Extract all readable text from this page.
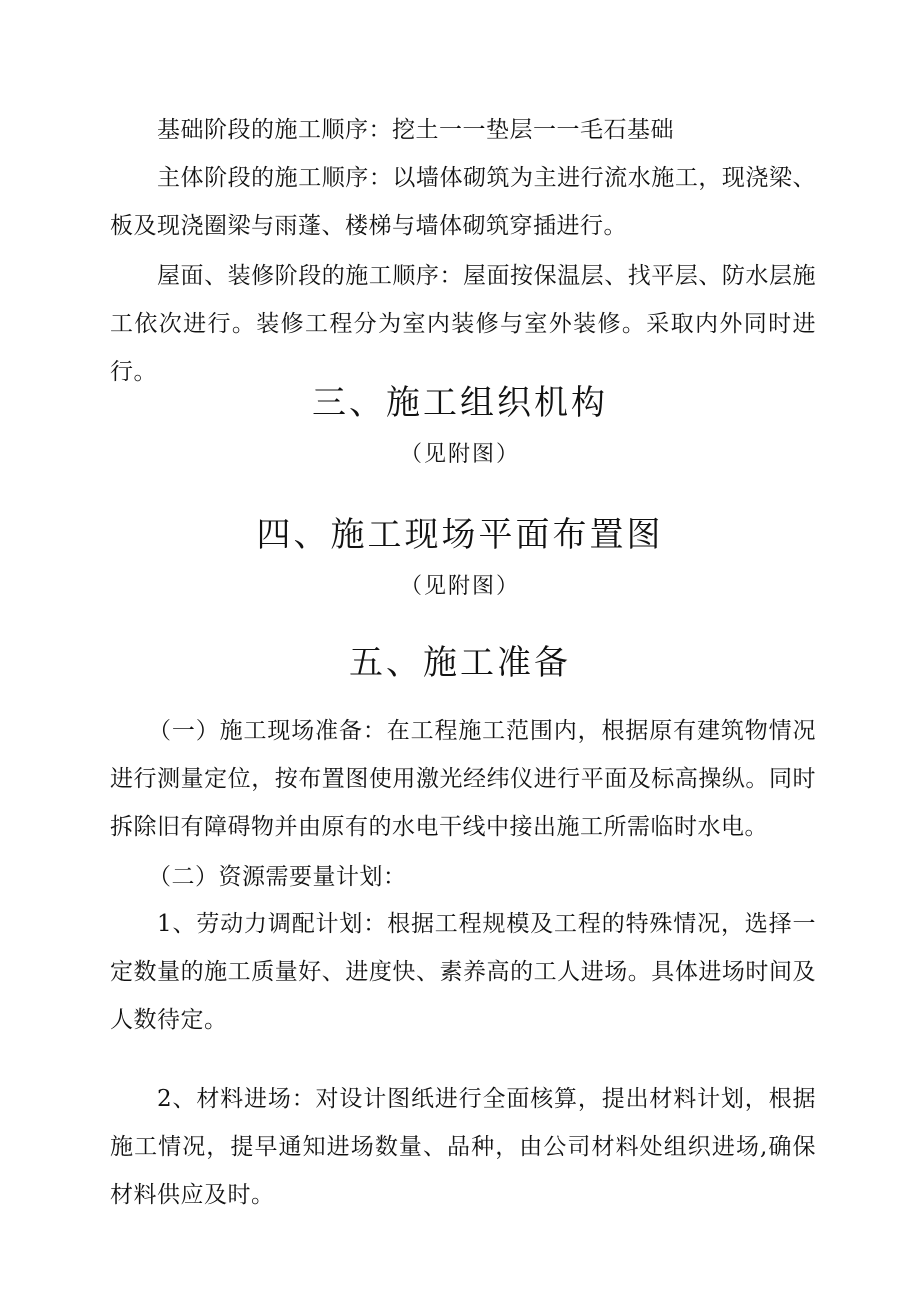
基础阶段的施工顺序：挖土一一垫层一一毛石基础

主体阶段的施工顺序：以墙体砌筑为主进行流水施工，现浇梁、板及现浇圈梁与雨蓬、楼梯与墙体砌筑穿插进行。

屋面、装修阶段的施工顺序：屋面按保温层、找平层、防水层施工依次进行。装修工程分为室内装修与室外装修。采取内外同时进行。

三、施工组织机构
（见附图）
四、施工现场平面布置图
（见附图）
五、施工准备

（一）施工现场准备：在工程施工范围内，根据原有建筑物情况进行测量定位，按布置图使用激光经纬仪进行平面及标高操纵。同时拆除旧有障碍物并由原有的水电干线中接出施工所需临时水电。

（二）资源需要量计划：

1、劳动力调配计划：根据工程规模及工程的特殊情况，选择一定数量的施工质量好、进度快、素养高的工人进场。具体进场时间及人数待定。

2、材料进场：对设计图纸进行全面核算，提出材料计划，根据施工情况，提早通知进场数量、品种，由公司材料处组织进场,确保材料供应及时。
